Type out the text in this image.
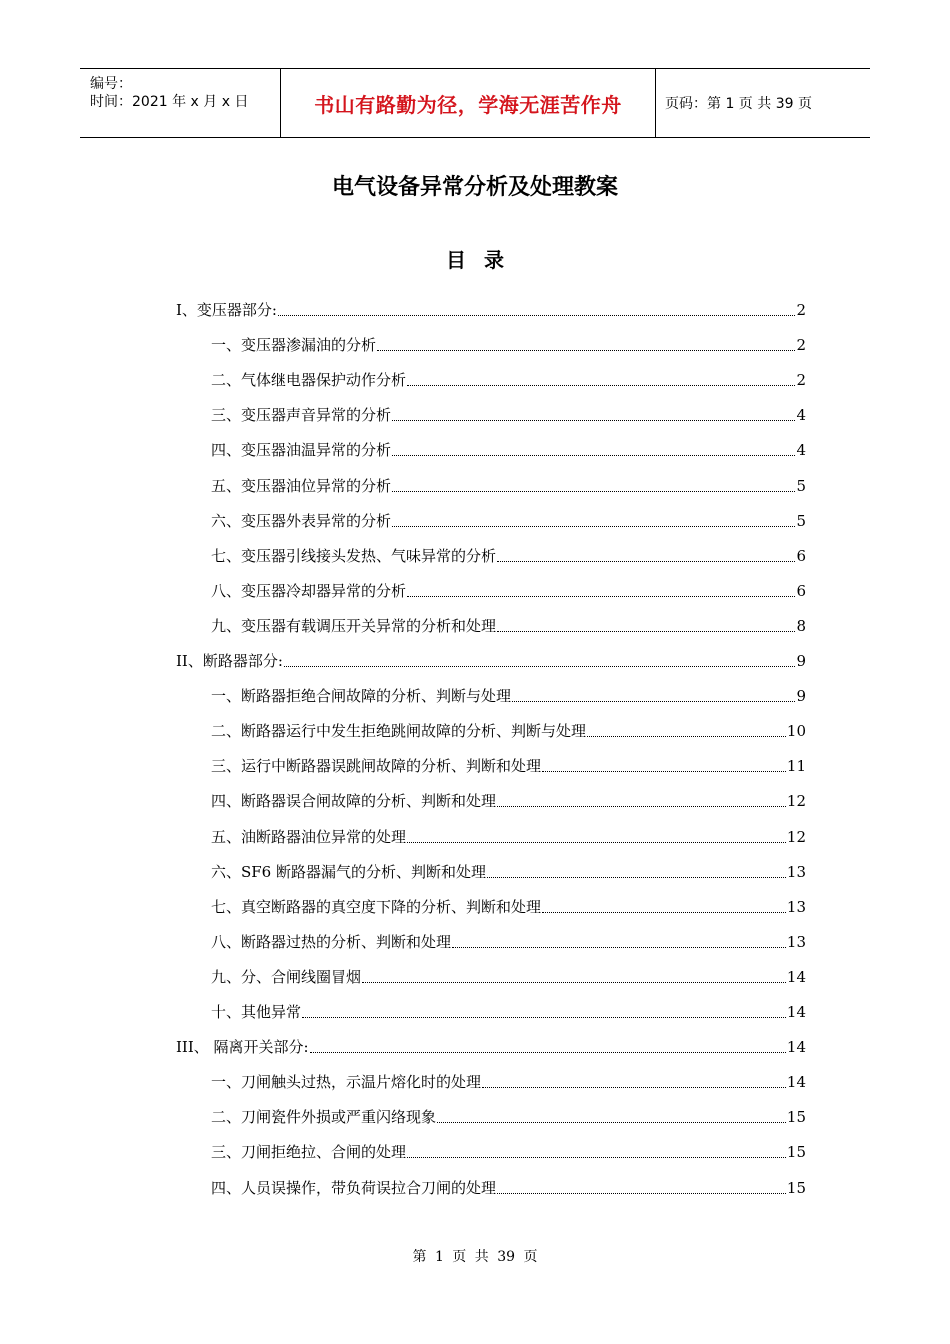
编号：
时间：2021 年 x 月 x 日	书山有路勤为径，学海无涯苦作舟	页码：第 1 页 共 39 页
电气设备异常分析及处理教案
目录
I、变压器部分:	2
一、变压器渗漏油的分析	2
二、气体继电器保护动作分析	2
三、变压器声音异常的分析	4
四、变压器油温异常的分析	4
五、变压器油位异常的分析	5
六、变压器外表异常的分析	5
七、变压器引线接头发热、气味异常的分析	6
八、变压器冷却器异常的分析	6
九、变压器有载调压开关异常的分析和处理	8
II、断路器部分:	9
一、断路器拒绝合闸故障的分析、判断与处理	9
二、断路器运行中发生拒绝跳闸故障的分析、判断与处理	10
三、运行中断路器误跳闸故障的分析、判断和处理	11
四、断路器误合闸故障的分析、判断和处理	12
五、油断路器油位异常的处理	12
六、SF6 断路器漏气的分析、判断和处理	13
七、真空断路器的真空度下降的分析、判断和处理	13
八、断路器过热的分析、判断和处理	13
九、分、合闸线圈冒烟	14
十、其他异常	14
III、 隔离开关部分:	14
一、刀闸触头过热，示温片熔化时的处理	14
二、刀闸瓷件外损或严重闪络现象	15
三、刀闸拒绝拉、合闸的处理	15
四、人员误操作，带负荷误拉合刀闸的处理	15
第 1 页 共 39 页
